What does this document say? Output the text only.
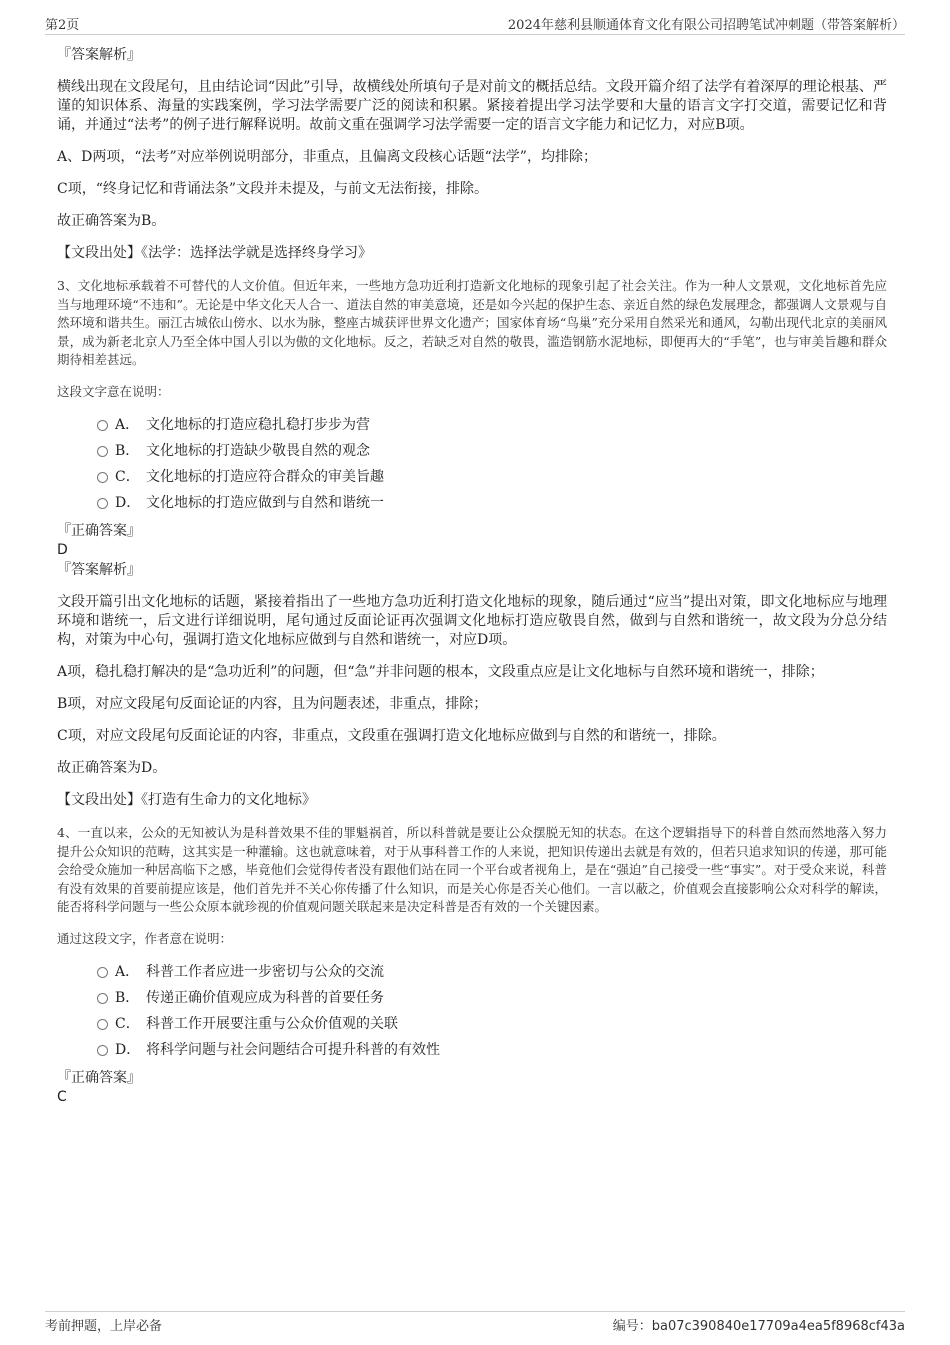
第2页	2024年慈利县顺通体育文化有限公司招聘笔试冲刺题（带答案解析）
『答案解析』
横线出现在文段尾句，且由结论词“因此”引导，故横线处所填句子是对前文的概括总结。文段开篇介绍了法学有着深厚的理论根基、严谨的知识体系、海量的实践案例，学习法学需要广泛的阅读和积累。紧接着提出学习法学要和大量的语言文字打交道，需要记忆和背诵，并通过“法考”的例子进行解释说明。故前文重在强调学习法学需要一定的语言文字能力和记忆力，对应B项。
A、D两项，“法考”对应举例说明部分，非重点，且偏离文段核心话题“法学”，均排除；
C项，“终身记忆和背诵法条”文段并未提及，与前文无法衔接，排除。
故正确答案为B。
【文段出处】《法学：选择法学就是选择终身学习》
3、文化地标承载着不可替代的人文价值。但近年来，一些地方急功近利打造新文化地标的现象引起了社会关注。作为一种人文景观，文化地标首先应当与地理环境“不违和”。无论是中华文化天人合一、道法自然的审美意境，还是如今兴起的保护生态、亲近自然的绿色发展理念，都强调人文景观与自然环境和谐共生。丽江古城依山傍水、以水为脉，整座古城获评世界文化遗产；国家体育场“鸟巢”充分采用自然采光和通风，勾勒出现代北京的美丽风景，成为新老北京人乃至全体中国人引以为傲的文化地标。反之，若缺乏对自然的敬畏，滥造钢筋水泥地标，即便再大的“手笔”，也与审美旨趣和群众期待相差甚远。
这段文字意在说明：
A． 文化地标的打造应稳扎稳打步步为营
B． 文化地标的打造缺少敬畏自然的观念
C． 文化地标的打造应符合群众的审美旨趣
D． 文化地标的打造应做到与自然和谐统一
『正确答案』
D
『答案解析』
文段开篇引出文化地标的话题，紧接着指出了一些地方急功近利打造文化地标的现象，随后通过“应当”提出对策，即文化地标应与地理环境和谐统一，后文进行详细说明，尾句通过反面论证再次强调文化地标打造应敬畏自然，做到与自然和谐统一，故文段为分总分结构，对策为中心句，强调打造文化地标应做到与自然和谐统一，对应D项。
A项，稳扎稳打解决的是“急功近利”的问题，但“急”并非问题的根本，文段重点应是让文化地标与自然环境和谐统一，排除；
B项，对应文段尾句反面论证的内容，且为问题表述，非重点，排除；
C项，对应文段尾句反面论证的内容，非重点，文段重在强调打造文化地标应做到与自然的和谐统一，排除。
故正确答案为D。
【文段出处】《打造有生命力的文化地标》
4、一直以来，公众的无知被认为是科普效果不佳的罪魁祸首，所以科普就是要让公众摆脱无知的状态。在这个逻辑指导下的科普自然而然地落入努力提升公众知识的范畴，这其实是一种灌输。这也就意味着，对于从事科普工作的人来说，把知识传递出去就是有效的，但若只追求知识的传递，那可能会给受众施加一种居高临下之感，毕竟他们会觉得传者没有跟他们站在同一个平台或者视角上，是在“强迫”自己接受一些“事实”。对于受众来说，科普有没有效果的首要前提应该是，他们首先并不关心你传播了什么知识，而是关心你是否关心他们。一言以蔽之，价值观会直接影响公众对科学的解读，能否将科学问题与一些公众原本就珍视的价值观问题关联起来是决定科普是否有效的一个关键因素。
通过这段文字，作者意在说明：
A． 科普工作者应进一步密切与公众的交流
B． 传递正确价值观应成为科普的首要任务
C． 科普工作开展要注重与公众价值观的关联
D． 将科学问题与社会问题结合可提升科普的有效性
『正确答案』
C
考前押题，上岸必备	编号：ba07c390840e17709a4ea5f8968cf43a
